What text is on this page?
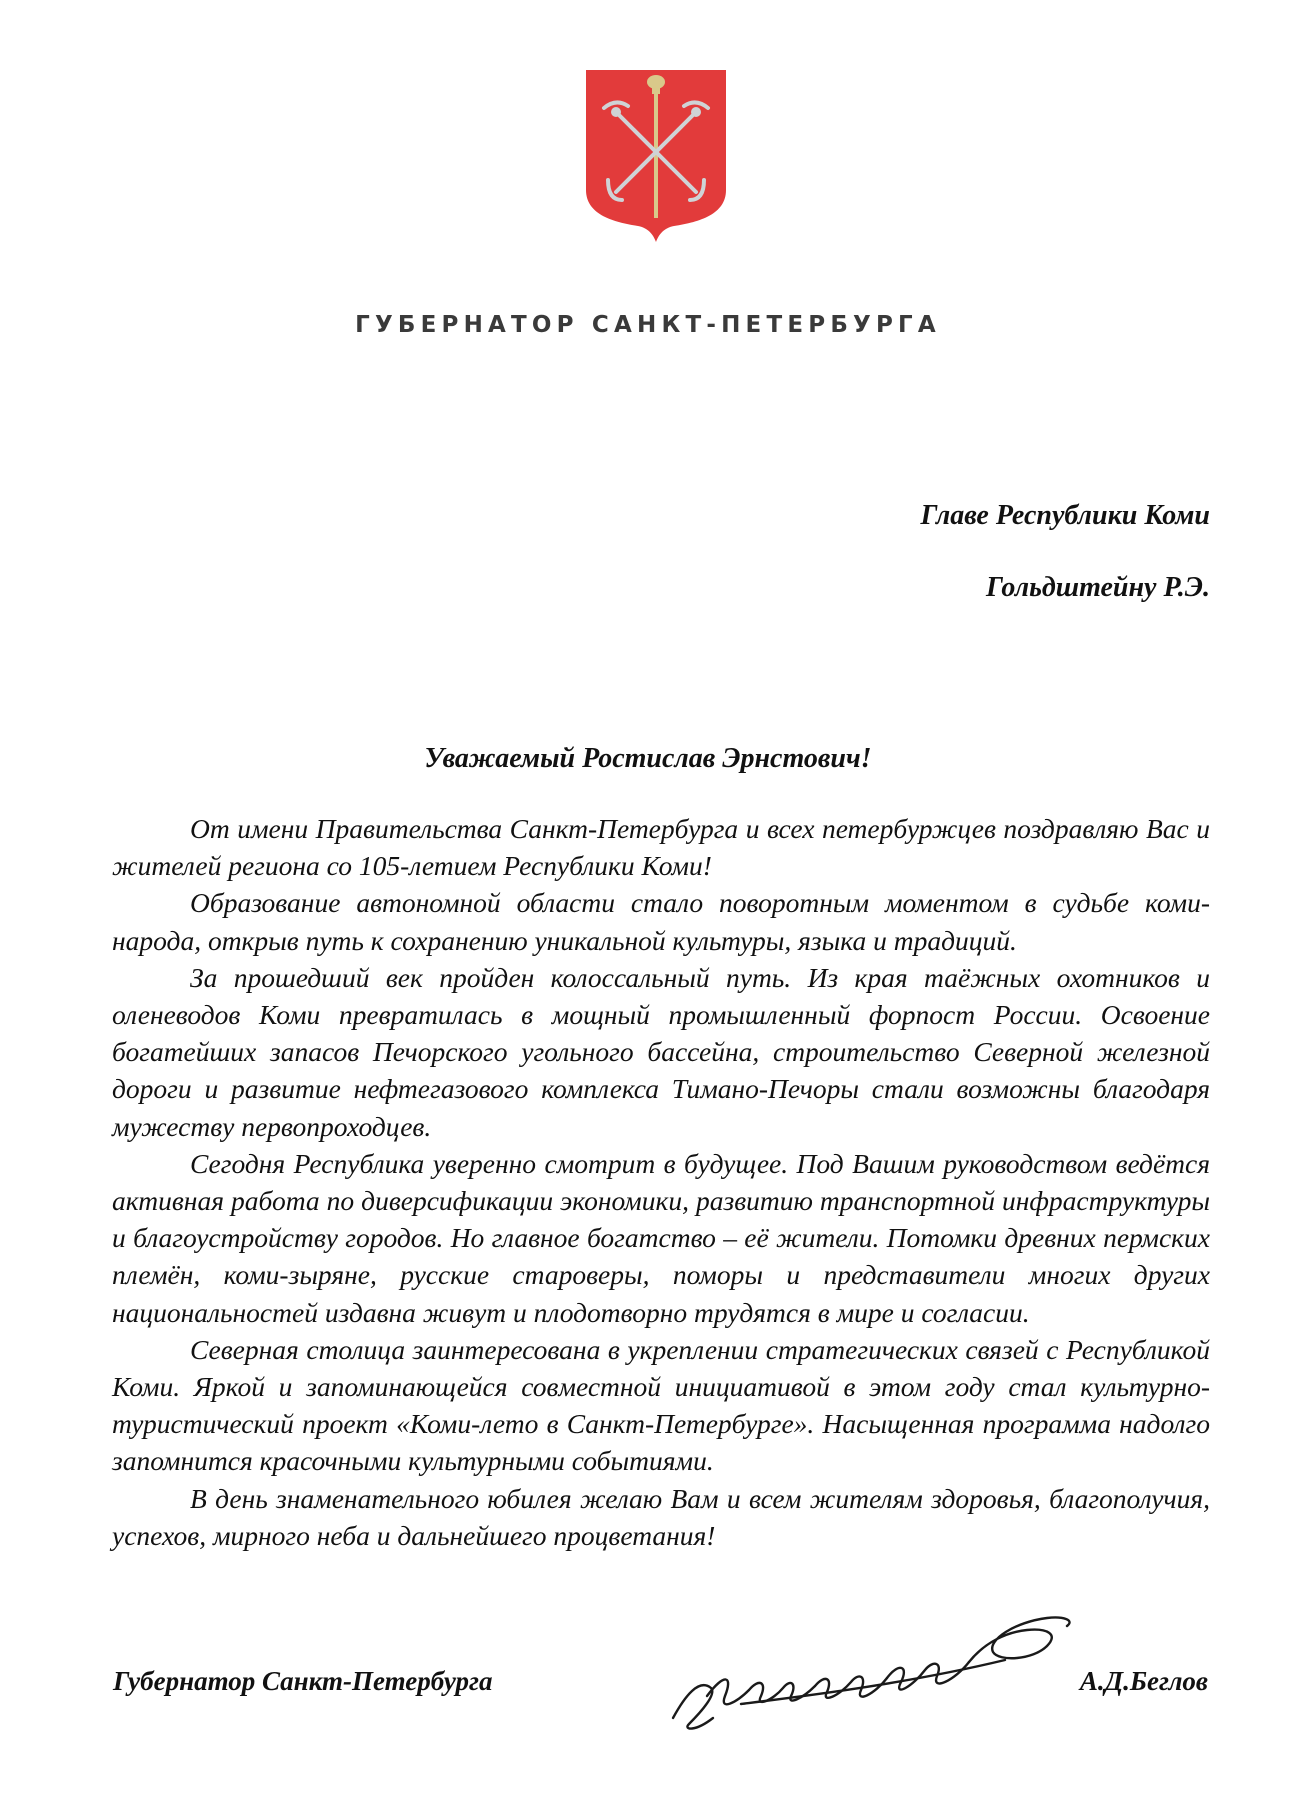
ГУБЕРНАТОР САНКТ-ПЕТЕРБУРГА
Главе Республики Коми
Гольдштейну Р.Э.
Уважаемый Ростислав Эрнстович!

От имени Правительства Санкт-Петербурга и всех петербуржцев поздравляю Вас и жителей региона со 105-летием Республики Коми!

Образование автономной области стало поворотным моментом в судьбе коми-народа, открыв путь к сохранению уникальной культуры, языка и традиций.

За прошедший век пройден колоссальный путь. Из края таёжных охотников и оленеводов Коми превратилась в мощный промышленный форпост России. Освоение богатейших запасов Печорского угольного бассейна, строительство Северной железной дороги и развитие нефтегазового комплекса Тимано-Печоры стали возможны благодаря мужеству первопроходцев.

Сегодня Республика уверенно смотрит в будущее. Под Вашим руководством ведётся активная работа по диверсификации экономики, развитию транспортной инфраструктуры и благоустройству городов. Но главное богатство – её жители. Потомки древних пермских племён, коми-зыряне, русские староверы, поморы и представители многих других национальностей издавна живут и плодотворно трудятся в мире и согласии.

Северная столица заинтересована в укреплении стратегических связей с Республикой Коми. Яркой и запоминающейся совместной инициативой в этом году стал культурно-туристический проект «Коми-лето в Санкт-Петербурге». Насыщенная программа надолго запомнится красочными культурными событиями.

В день знаменательного юбилея желаю Вам и всем жителям здоровья, благополучия, успехов, мирного неба и дальнейшего процветания!

Губернатор Санкт-Петербурга	А.Д.Беглов
